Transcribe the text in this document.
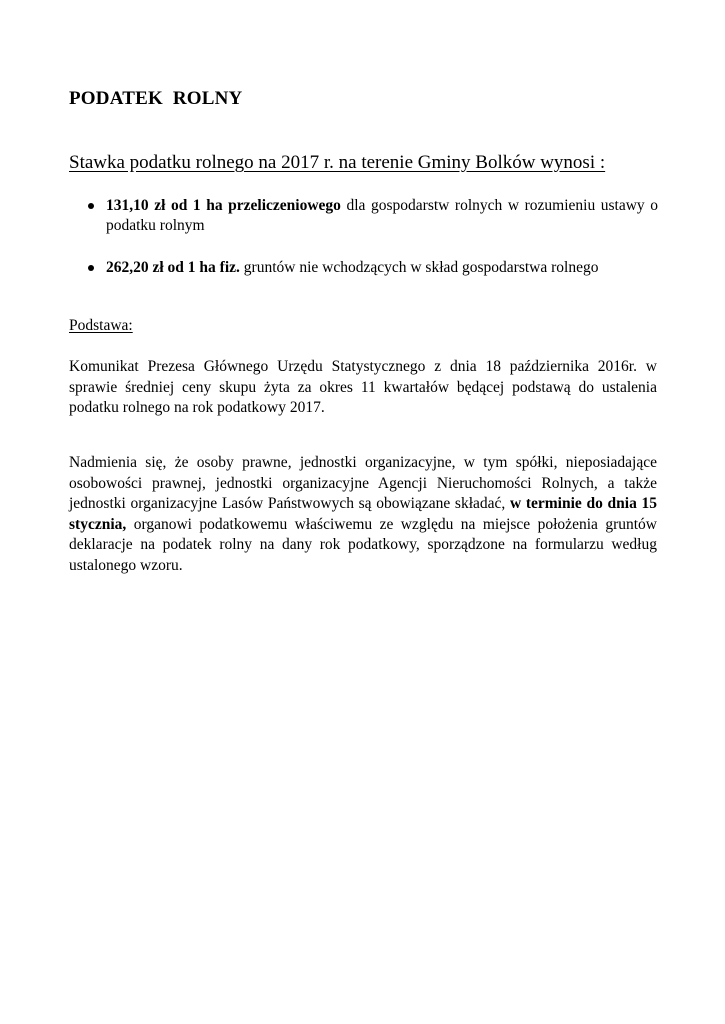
PODATEK  ROLNY
Stawka podatku rolnego na 2017 r. na terenie Gminy Bolków wynosi :
131,10 zł od 1 ha przeliczeniowego dla gospodarstw rolnych w rozumieniu ustawy o podatku rolnym
262,20 zł od 1 ha fiz. gruntów nie wchodzących w skład gospodarstwa rolnego
Podstawa:

Komunikat Prezesa Głównego Urzędu Statystycznego z dnia 18 października 2016r. w sprawie średniej ceny skupu żyta za okres 11 kwartałów będącej podstawą do ustalenia podatku rolnego na rok podatkowy 2017.

Nadmienia się, że osoby prawne, jednostki organizacyjne, w tym spółki, nieposiadające osobowości prawnej, jednostki organizacyjne Agencji Nieruchomości Rolnych, a także jednostki organizacyjne Lasów Państwowych są obowiązane składać, w terminie do dnia 15 stycznia, organowi podatkowemu właściwemu ze względu na miejsce położenia gruntów deklaracje na podatek rolny na dany rok podatkowy, sporządzone na formularzu według ustalonego wzoru.
